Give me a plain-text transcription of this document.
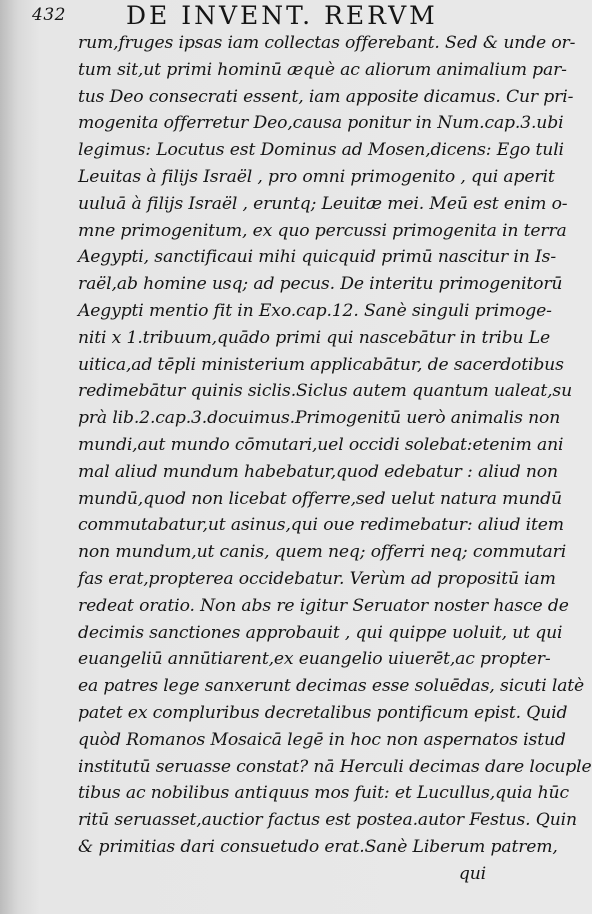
432 DE INVENT. RERVM
rum,fruges ipsas iam collectas offerebant. Sed & unde or-
tum sit,ut primi hominū æquè ac aliorum animalium par-
tus Deo consecrati essent, iam apposite dicamus. Cur pri-
mogenita offerretur Deo,causa ponitur in Num.cap.3.ubi
legimus: Locutus est Dominus ad Mosen,dicens: Ego tuli
Leuitas à filijs Israël , pro omni primogenito , qui aperit
uuluā à filijs Israël , eruntq; Leuitæ mei. Meū est enim o-
mne primogenitum, ex quo percussi primogenita in terra
Aegypti, sanctificaui mihi quicquid primū nascitur in Is-
raël,ab homine usq; ad pecus. De interitu primogenitorū
Aegypti mentio fit in Exo.cap.12. Sanè singuli primoge-
niti x 1.tribuum,quādo primi qui nascebātur in tribu Le
uitica,ad tēpli ministerium applicabātur, de sacerdotibus
redimebātur quinis siclis.Siclus autem quantum ualeat,su
prà lib.2.cap.3.docuimus.Primogenitū uerò animalis non
mundi,aut mundo cōmutari,uel occidi solebat:etenim ani
mal aliud mundum habebatur,quod edebatur : aliud non
mundū,quod non licebat offerre,sed uelut natura mundū
commutabatur,ut asinus,qui oue redimebatur: aliud item
non mundum,ut canis, quem neq; offerri neq; commutari
fas erat,propterea occidebatur. Verùm ad propositū iam
redeat oratio. Non abs re igitur Seruator noster hasce de
decimis sanctiones approbauit , qui quippe uoluit, ut qui
euangeliū annūtiarent,ex euangelio uiuerēt,ac propter-
ea patres lege sanxerunt decimas esse soluēdas, sicuti latè
patet ex compluribus decretalibus pontificum epist. Quid
quòd Romanos Mosaicā legē in hoc non aspernatos istud
institutū seruasse constat? nā Herculi decimas dare locuple
tibus ac nobilibus antiquus mos fuit: et Lucullus,quia hūc
ritū seruasset,auctior factus est postea.autor Festus. Quin
& primitias dari consuetudo erat.Sanè Liberum patrem,
qui
